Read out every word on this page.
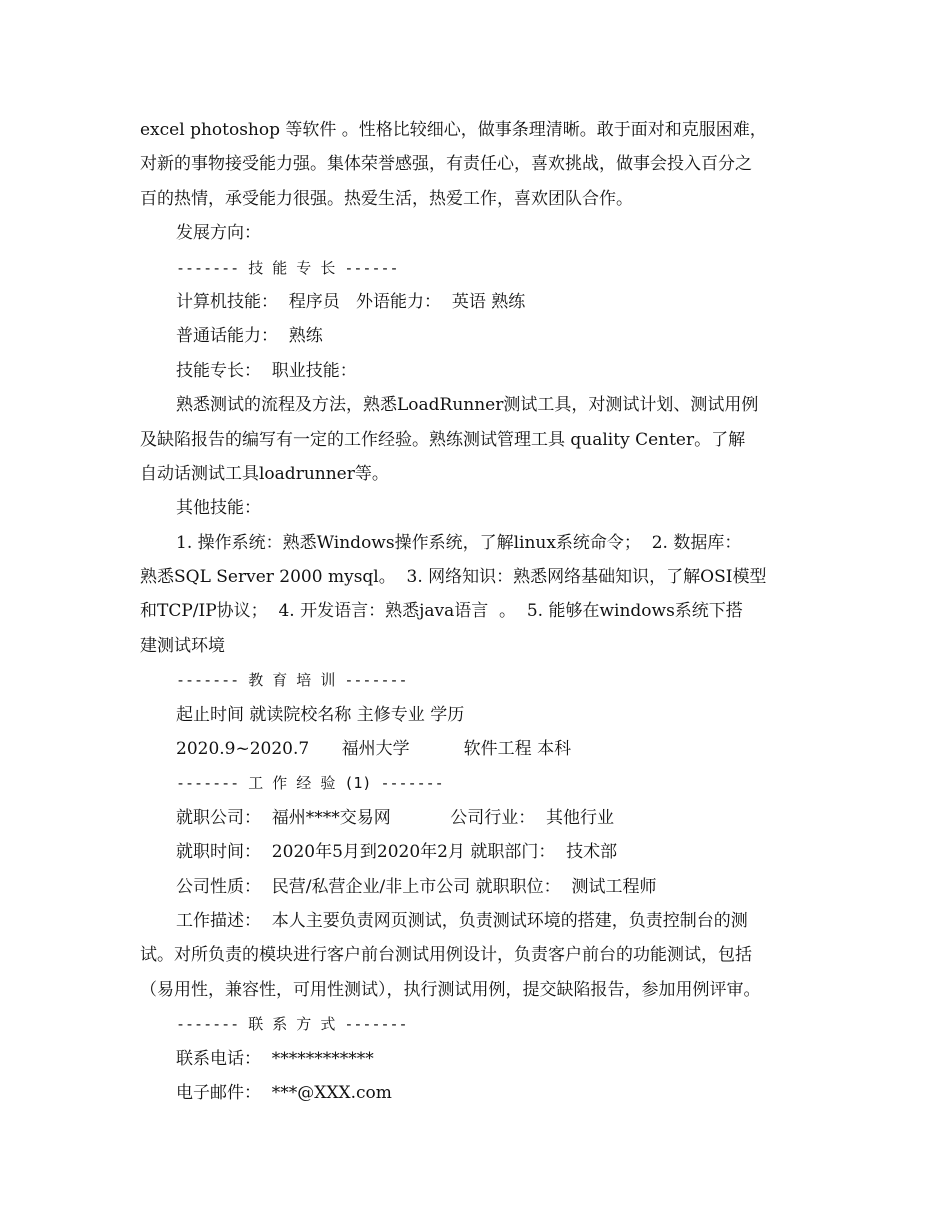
excel photoshop 等软件 。性格比较细心，做事条理清晰。敢于面对和克服困难，
对新的事物接受能力强。集体荣誉感强，有责任心，喜欢挑战，做事会投入百分之
百的热情，承受能力很强。热爱生活，热爱工作，喜欢团队合作。
发展方向：
------- 技 能 专 长 ------
计算机技能：  程序员   外语能力：  英语 熟练
普通话能力：  熟练
技能专长：  职业技能：
熟悉测试的流程及方法，熟悉LoadRunner测试工具，对测试计划、测试用例
及缺陷报告的编写有一定的工作经验。熟练测试管理工具 quality Center。了解
自动话测试工具loadrunner等。
其他技能：
1. 操作系统：熟悉Windows操作系统，了解linux系统命令；  2. 数据库：
熟悉SQL Server 2000 mysql。  3. 网络知识：熟悉网络基础知识，了解OSI模型
和TCP/IP协议；  4. 开发语言：熟悉java语言  。  5. 能够在windows系统下搭
建测试环境
------- 教 育 培 训 -------
起止时间 就读院校名称 主修专业 学历
2020.9~2020.7      福州大学          软件工程 本科
------- 工 作 经 验 (1) -------
就职公司：  福州****交易网           公司行业：  其他行业
就职时间：  2020年5月到2020年2月 就职部门：  技术部
公司性质：  民营/私营企业/非上市公司 就职职位：  测试工程师
工作描述：  本人主要负责网页测试，负责测试环境的搭建，负责控制台的测
试。对所负责的模块进行客户前台测试用例设计，负责客户前台的功能测试，包括
（易用性，兼容性，可用性测试），执行测试用例，提交缺陷报告，参加用例评审。
------- 联 系 方 式 -------
联系电话：  ************
电子邮件：  ***@XXX.com
